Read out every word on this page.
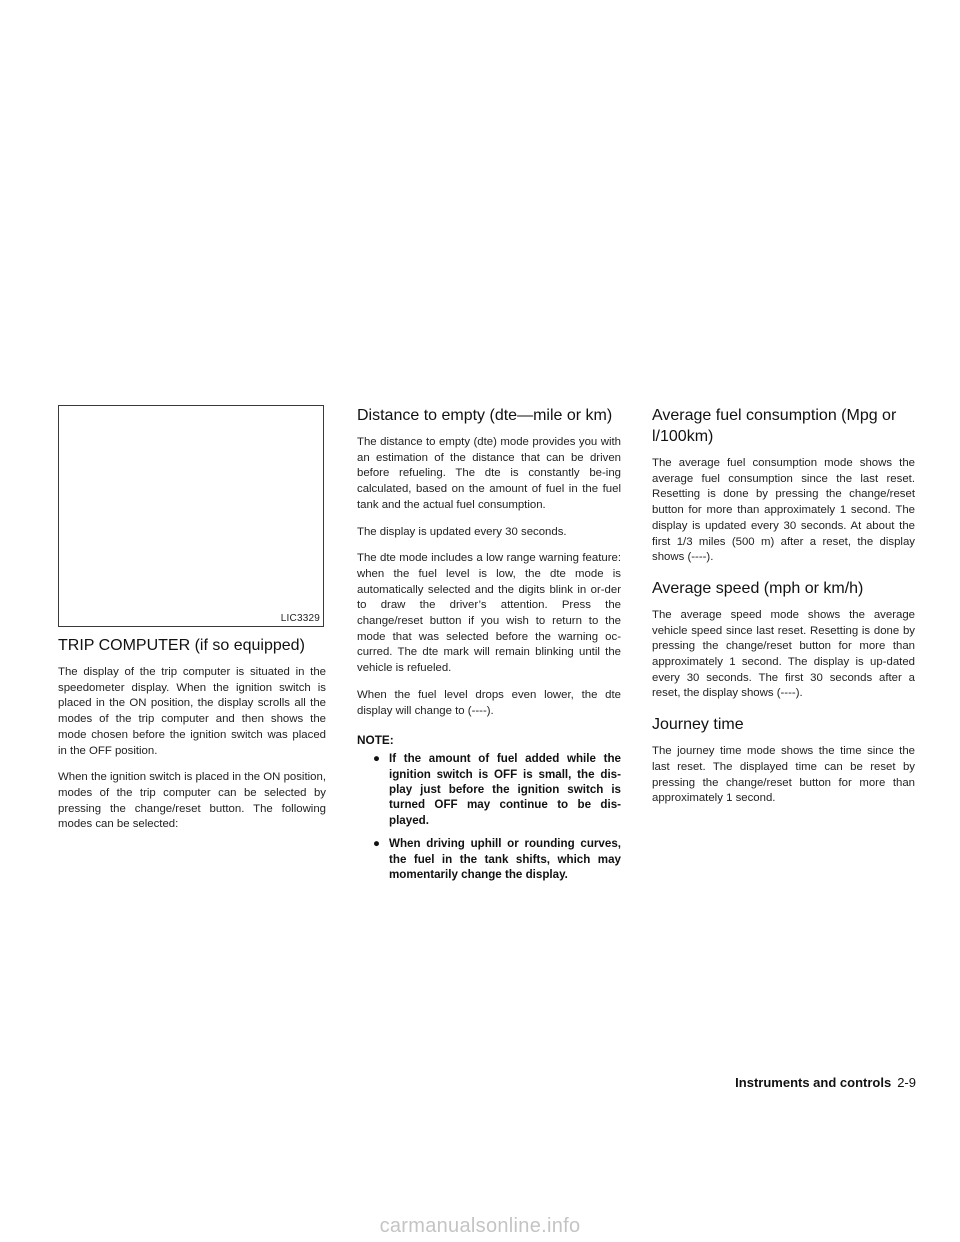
LIC3329
TRIP COMPUTER (if so equipped)

The display of the trip computer is situated in the speedometer display. When the ignition switch is placed in the ON position, the display scrolls all the modes of the trip computer and then shows the mode chosen before the ignition switch was placed in the OFF position.

When the ignition switch is placed in the ON position, modes of the trip computer can be selected by pressing the change/reset button. The following modes can be selected:

Distance to empty (dte—mile or km)

The distance to empty (dte) mode provides you with an estimation of the distance that can be driven before refueling. The dte is constantly be-ing calculated, based on the amount of fuel in the fuel tank and the actual fuel consumption.

The display is updated every 30 seconds.

The dte mode includes a low range warning feature: when the fuel level is low, the dte mode is automatically selected and the digits blink in or-der to draw the driver’s attention. Press the change/reset button if you wish to return to the mode that was selected before the warning oc-curred. The dte mark will remain blinking until the vehicle is refueled.

When the fuel level drops even lower, the dte display will change to (----).

NOTE:
● If the amount of fuel added while the ignition switch is OFF is small, the dis-play just before the ignition switch is turned OFF may continue to be dis-played.
● When driving uphill or rounding curves, the fuel in the tank shifts, which may momentarily change the display.
Average fuel consumption (Mpg or l/100km)

The average fuel consumption mode shows the average fuel consumption since the last reset. Resetting is done by pressing the change/reset button for more than approximately 1 second. The display is updated every 30 seconds. At about the first 1/3 miles (500 m) after a reset, the display shows (----).

Average speed (mph or km/h)

The average speed mode shows the average vehicle speed since last reset. Resetting is done by pressing the change/reset button for more than approximately 1 second. The display is up-dated every 30 seconds. The first 30 seconds after a reset, the display shows (----).

Journey time

The journey time mode shows the time since the last reset. The displayed time can be reset by pressing the change/reset button for more than approximately 1 second.

Instruments and controls 2-9
carmanualsonline.info
